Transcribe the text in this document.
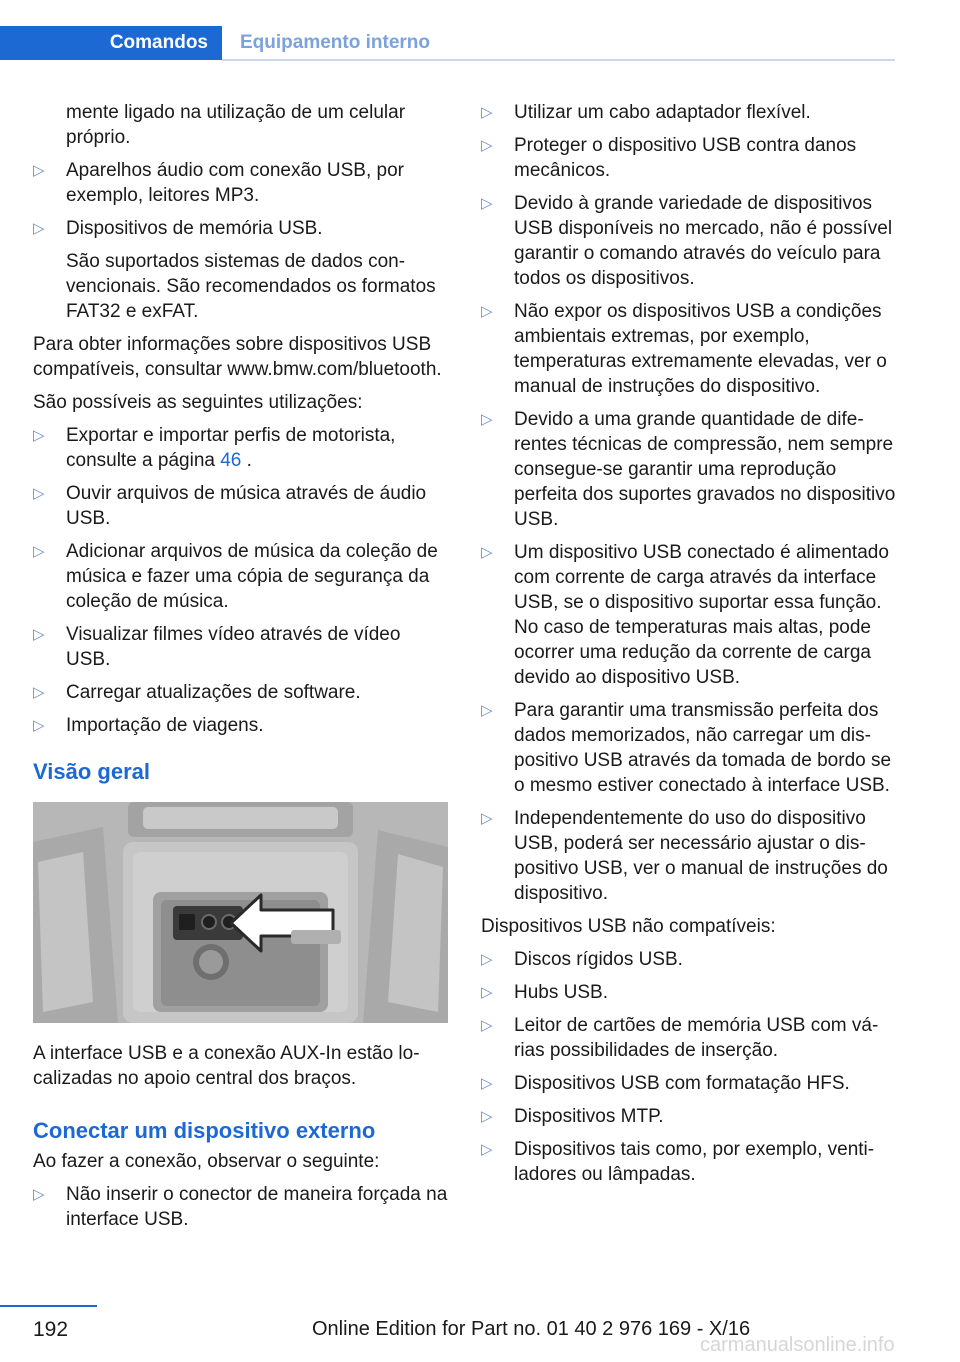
Comandos	Equipamento interno

mente ligado na utilização de um celular próprio.

▷ Aparelhos áudio com conexão USB, por exemplo, leitores MP3.
▷ Dispositivos de memória USB.
São suportados sistemas de dados convencionais. São recomendados os formatos FAT32 e exFAT.

Para obter informações sobre dispositivos USB compatíveis, consultar www.bmw.com/bluetooth.

São possíveis as seguintes utilizações:

▷ Exportar e importar perfis de motorista, consulte a página 46 .
▷ Ouvir arquivos de música através de áudio USB.
▷ Adicionar arquivos de música da coleção de música e fazer uma cópia de segurança da coleção de música.
▷ Visualizar filmes vídeo através de vídeo USB.
▷ Carregar atualizações de software.
▷ Importação de viagens.
Visão geral

A interface USB e a conexão AUX-In estão localizadas no apoio central dos braços.

Conectar um dispositivo externo

Ao fazer a conexão, observar o seguinte:

▷ Não inserir o conector de maneira forçada na interface USB.
▷ Utilizar um cabo adaptador flexível.
▷ Proteger o dispositivo USB contra danos mecânicos.
▷ Devido à grande variedade de dispositivos USB disponíveis no mercado, não é possível garantir o comando através do veículo para todos os dispositivos.
▷ Não expor os dispositivos USB a condições ambientais extremas, por exemplo, temperaturas extremamente elevadas, ver o manual de instruções do dispositivo.
▷ Devido a uma grande quantidade de diferentes técnicas de compressão, nem sempre consegue-se garantir uma reprodução perfeita dos suportes gravados no dispositivo USB.
▷ Um dispositivo USB conectado é alimentado com corrente de carga através da interface USB, se o dispositivo suportar essa função. No caso de temperaturas mais altas, pode ocorrer uma redução da corrente de carga devido ao dispositivo USB.
▷ Para garantir uma transmissão perfeita dos dados memorizados, não carregar um dispositivo USB através da tomada de bordo se o mesmo estiver conectado à interface USB.
▷ Independentemente do uso do dispositivo USB, poderá ser necessário ajustar o dispositivo USB, ver o manual de instruções do dispositivo.

Dispositivos USB não compatíveis:

▷ Discos rígidos USB.
▷ Hubs USB.
▷ Leitor de cartões de memória USB com várias possibilidades de inserção.
▷ Dispositivos USB com formatação HFS.
▷ Dispositivos MTP.
▷ Dispositivos tais como, por exemplo, ventiladores ou lâmpadas.
192	Online Edition for Part no. 01 40 2 976 169 - X/16
carmanualsonline.info
